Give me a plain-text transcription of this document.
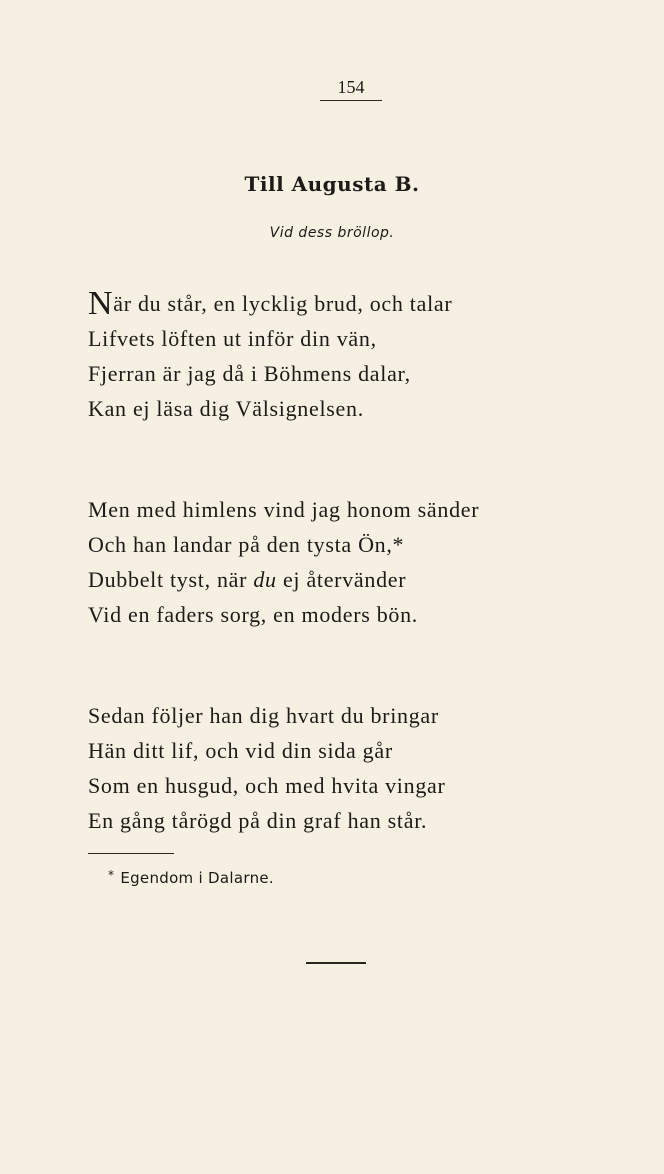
154
Till Augusta B.
Vid dess bröllop.
När du står, en lycklig brud, och talar
Lifvets löften ut inför din vän,
Fjerran är jag då i Böhmens dalar,
Kan ej läsa dig Välsignelsen.
Men med himlens vind jag honom sänder
Och han landar på den tysta Ön,*
Dubbelt tyst, när du ej återvänder
Vid en faders sorg, en moders bön.
Sedan följer han dig hvart du bringar
Hän ditt lif, och vid din sida går
Som en husgud, och med hvita vingar
En gång tårögd på din graf han står.
* Egendom i Dalarne.
